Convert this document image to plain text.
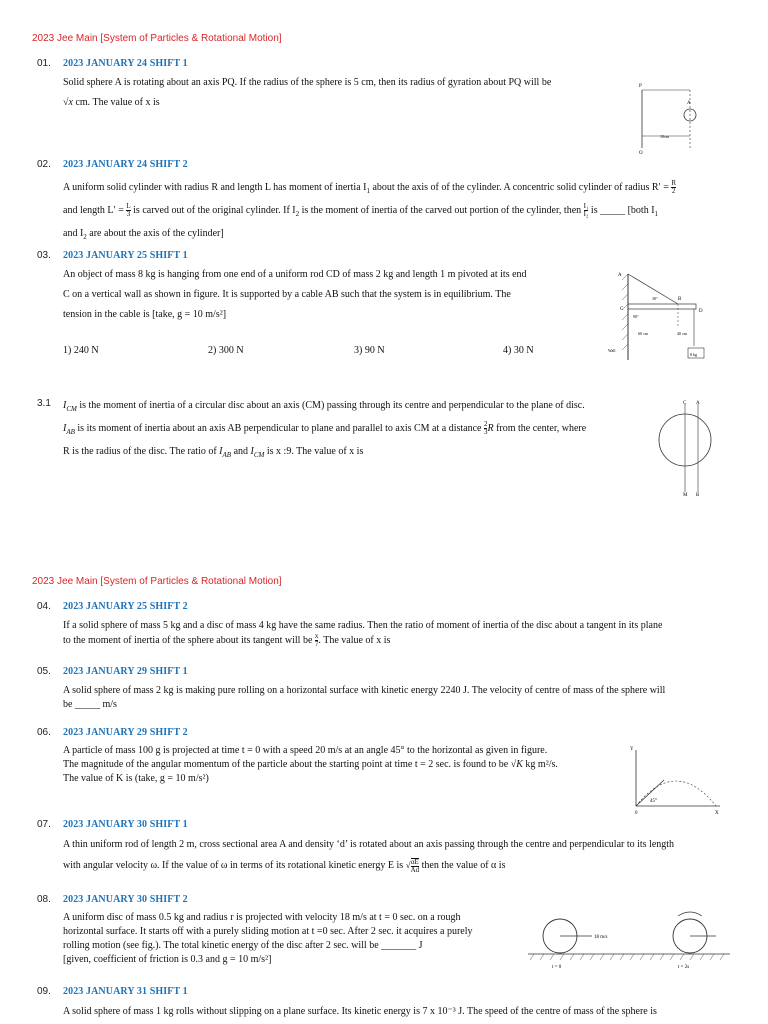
2023 Jee Main [System of Particles & Rotational Motion]
01. 2023 JANUARY 24 SHIFT 1
Solid sphere A is rotating about an axis PQ. If the radius of the sphere is 5 cm, then its radius of gyration about PQ will be
√x cm. The value of x is
P
A
Q
10cm
02. 2023 JANUARY 24 SHIFT 2
A uniform solid cylinder with radius R and length L has moment of inertia $I_1$ about the axis of of the cylinder. A concentric solid cylinder of radius $R' = \frac{R}{2}$
and length $L' = \frac{L}{3}$ is carved out of the original cylinder. If $I_2$ is the moment of inertia of the carved out portion of the cylinder, then $\frac{\text{I₁}}{\text{I₂}}$ is _____ [both $I_1$
and $I_2$ are about the axis of the cylinder]
03. 2023 JANUARY 25 SHIFT 1
An object of mass 8 kg is hanging from one end of a uniform rod CD of mass 2 kg and length 1 m pivoted at its end
C on a vertical wall as shown in figure. It is supported by a cable AB such that the system is in equilibrium. The
tension in the cable is [take, g = 10 m/s²]
1) 240 N	2) 300 N	3) 90 N	4) 30 N
A
B
C	D
30°
90°
60 cm	40 cm
Wall
8 kg
3.1 $I_{CM}$ is the moment of inertia of a circular disc about an axis (CM) passing through its centre and perpendicular to the plane of disc.
$I_{AB}$ is its moment of inertia about an axis AB perpendicular to plane and parallel to axis CM at a distance $\frac{2}{3}$ R from the center, where
R is the radius of the disc. The ratio of $I_{AB}$ and $I_{CM}$ is x :9. The value of x is
C A
M B
2023 Jee Main [System of Particles & Rotational Motion]
04. 2023 JANUARY 25 SHIFT 2
If a solid sphere of mass 5 kg and a disc of mass 4 kg have the same radius. Then the ratio of moment of inertia of the disc about a tangent in its plane
to the moment of inertia of the sphere about its tangent will be $\frac{x}{7}$ . The value of x is
05. 2023 JANUARY 29 SHIFT 1
A solid sphere of mass 2 kg is making pure rolling on a horizontal surface with kinetic energy 2240 J. The velocity of centre of mass of the sphere will
be _____ m/s
06. 2023 JANUARY 29 SHIFT 2
A particle of mass 100 g is projected at time t = 0 with a speed 20 m/s at an angle 45° to the horizontal as given in figure.
The magnitude of the angular momentum of the particle about the starting point at time t = 2 sec. is found to be √K kg m²/s.
The value of K is (take, g = 10 m/s²)
Y
X
0
45°
07. 2023 JANUARY 30 SHIFT 1
A thin uniform rod of length 2 m, cross sectional area A and density ‘d’ is rotated about an axis passing through the centre and perpendicular to its length
with angular velocity ω. If the value of ω in terms of its rotational kinetic energy E is √ $\frac{\alpha E}{Ad}$ then the value of α is
08. 2023 JANUARY 30 SHIFT 2
A uniform disc of mass 0.5 kg and radius r is projected with velocity 18 m/s at t = 0 sec. on a rough
horizontal surface. It starts off with a purely sliding motion at t =0 sec. After 2 sec. it acquires a purely
rolling motion (see fig.). The total kinetic energy of the disc after 2 sec. will be _______ J
[given, coefficient of friction is 0.3 and g = 10 m/s²]
18 m/s
t = 0	t = 2s
09. 2023 JANUARY 31 SHIFT 1
A solid sphere of mass 1 kg rolls without slipping on a plane surface. Its kinetic energy is 7 x 10⁻³ J. The speed of the centre of mass of the sphere is
